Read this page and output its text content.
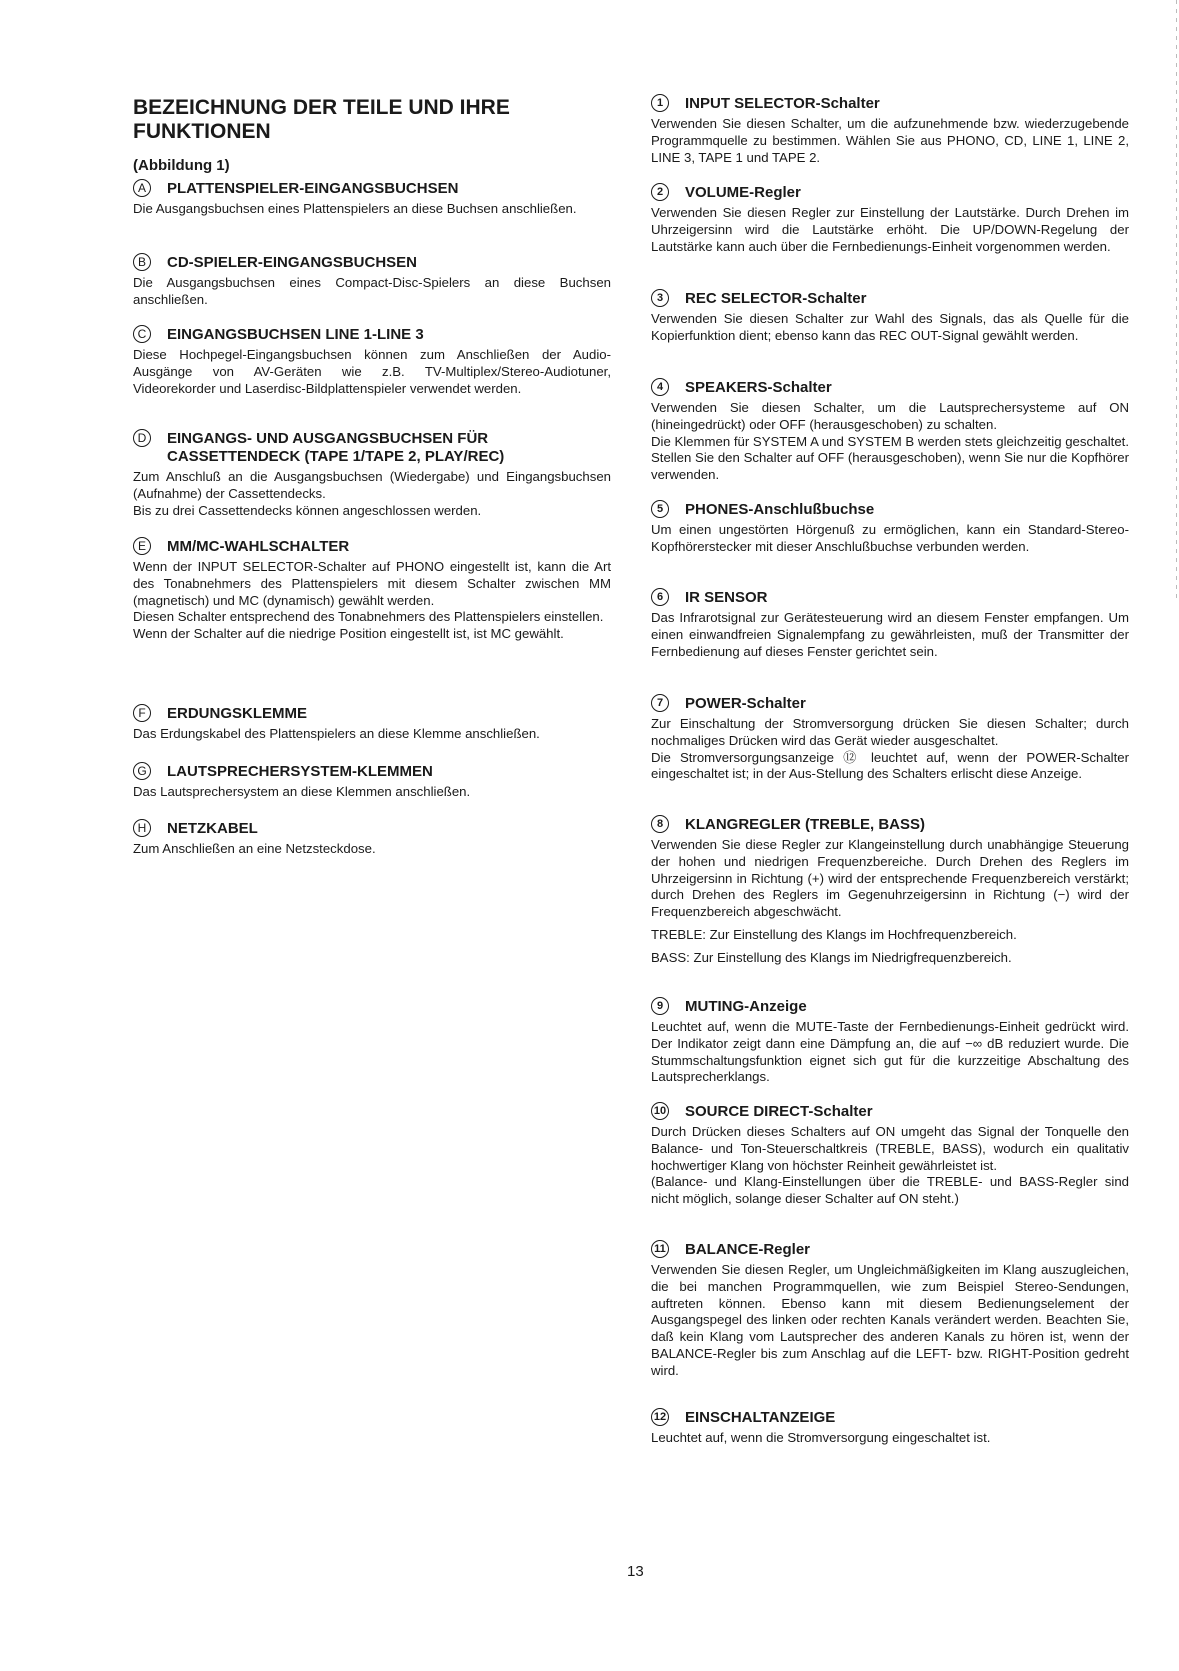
BEZEICHNUNG DER TEILE UND IHRE FUNKTIONEN
(Abbildung 1)
A	PLATTENSPIELER-EINGANGSBUCHSEN

Die Ausgangsbuchsen eines Plattenspielers an diese Buchsen anschließen.

B	CD-SPIELER-EINGANGSBUCHSEN

Die Ausgangsbuchsen eines Compact-Disc-Spielers an diese Buchsen anschließen.

C	EINGANGSBUCHSEN LINE 1-LINE 3

Diese Hochpegel-Eingangsbuchsen können zum Anschließen der Audio-Ausgänge von AV-Geräten wie z.B. TV-Multiplex/Stereo-Audiotuner, Videorekorder und Laserdisc-Bildplattenspieler verwendet werden.

D	EINGANGS- UND AUSGANGSBUCHSEN FÜR CASSETTENDECK (TAPE 1/TAPE 2, PLAY/REC)

Zum Anschluß an die Ausgangsbuchsen (Wiedergabe) und Eingangsbuchsen (Aufnahme) der Cassettendecks.

Bis zu drei Cassettendecks können angeschlossen werden.

E	MM/MC-WAHLSCHALTER

Wenn der INPUT SELECTOR-Schalter auf PHONO eingestellt ist, kann die Art des Tonabnehmers des Plattenspielers mit diesem Schalter zwischen MM (magnetisch) und MC (dynamisch) gewählt werden.

Diesen Schalter entsprechend des Tonabnehmers des Plattenspielers einstellen.

Wenn der Schalter auf die niedrige Position eingestellt ist, ist MC gewählt.

F	ERDUNGSKLEMME

Das Erdungskabel des Plattenspielers an diese Klemme anschließen.

G LAUTSPRECHERSYSTEM-KLEMMEN

Das Lautsprechersystem an diese Klemmen anschließen.

H	NETZKABEL

Zum Anschließen an eine Netzsteckdose.

1	INPUT SELECTOR-Schalter

Verwenden Sie diesen Schalter, um die aufzunehmende bzw. wiederzugebende Programmquelle zu bestimmen. Wählen Sie aus PHONO, CD, LINE 1, LINE 2, LINE 3, TAPE 1 und TAPE 2.

2	VOLUME-Regler

Verwenden Sie diesen Regler zur Einstellung der Lautstärke. Durch Drehen im Uhrzeigersinn wird die Lautstärke erhöht. Die UP/DOWN-Regelung der Lautstärke kann auch über die Fernbedienungs-Einheit vorgenommen werden.

3	REC SELECTOR-Schalter

Verwenden Sie diesen Schalter zur Wahl des Signals, das als Quelle für die Kopierfunktion dient; ebenso kann das REC OUT-Signal gewählt werden.

4	SPEAKERS-Schalter

Verwenden Sie diesen Schalter, um die Lautsprechersysteme auf ON (hineingedrückt) oder OFF (herausgeschoben) zu schalten.

Die Klemmen für SYSTEM A und SYSTEM B werden stets gleichzeitig geschaltet. Stellen Sie den Schalter auf OFF (herausgeschoben), wenn Sie nur die Kopfhörer verwenden.

5	PHONES-Anschlußbuchse

Um einen ungestörten Hörgenuß zu ermöglichen, kann ein Standard-Stereo-Kopfhörerstecker mit dieser Anschlußbuchse verbunden werden.

6	IR SENSOR

Das Infrarotsignal zur Gerätesteuerung wird an diesem Fenster empfangen. Um einen einwandfreien Signalempfang zu gewährleisten, muß der Transmitter der Fernbedienung auf dieses Fenster gerichtet sein.

7	POWER-Schalter

Zur Einschaltung der Stromversorgung drücken Sie diesen Schalter; durch nochmaliges Drücken wird das Gerät wieder ausgeschaltet.

Die Stromversorgungsanzeige ⑫ leuchtet auf, wenn der POWER-Schalter eingeschaltet ist; in der Aus-Stellung des Schalters erlischt diese Anzeige.

8	KLANGREGLER (TREBLE, BASS)

Verwenden Sie diese Regler zur Klangeinstellung durch unabhängige Steuerung der hohen und niedrigen Frequenzbereiche. Durch Drehen des Reglers im Uhrzeigersinn in Richtung (+) wird der entsprechende Frequenzbereich verstärkt; durch Drehen des Reglers im Gegenuhrzeigersinn in Richtung (−) wird der Frequenzbereich abgeschwächt.

TREBLE: Zur Einstellung des Klangs im Hochfrequenzbereich.

BASS: Zur Einstellung des Klangs im Niedrigfrequenzbereich.

9	MUTING-Anzeige

Leuchtet auf, wenn die MUTE-Taste der Fernbedienungs-Einheit gedrückt wird. Der Indikator zeigt dann eine Dämpfung an, die auf −∞ dB reduziert wurde. Die Stummschaltungsfunktion eignet sich gut für die kurzzeitige Abschaltung des Lautsprecherklangs.

10 SOURCE DIRECT-Schalter

Durch Drücken dieses Schalters auf ON umgeht das Signal der Tonquelle den Balance- und Ton-Steuerschaltkreis (TREBLE, BASS), wodurch ein qualitativ hochwertiger Klang von höchster Reinheit gewährleistet ist.

(Balance- und Klang-Einstellungen über die TREBLE- und BASS-Regler sind nicht möglich, solange dieser Schalter auf ON steht.)

11 BALANCE-Regler

Verwenden Sie diesen Regler, um Ungleichmäßigkeiten im Klang auszugleichen, die bei manchen Programmquellen, wie zum Beispiel Stereo-Sendungen, auftreten können. Ebenso kann mit diesem Bedienungselement der Ausgangspegel des linken oder rechten Kanals verändert werden. Beachten Sie, daß kein Klang vom Lautsprecher des anderen Kanals zu hören ist, wenn der BALANCE-Regler bis zum Anschlag auf die LEFT- bzw. RIGHT-Position gedreht wird.

12 EINSCHALTANZEIGE

Leuchtet auf, wenn die Stromversorgung eingeschaltet ist.

13
